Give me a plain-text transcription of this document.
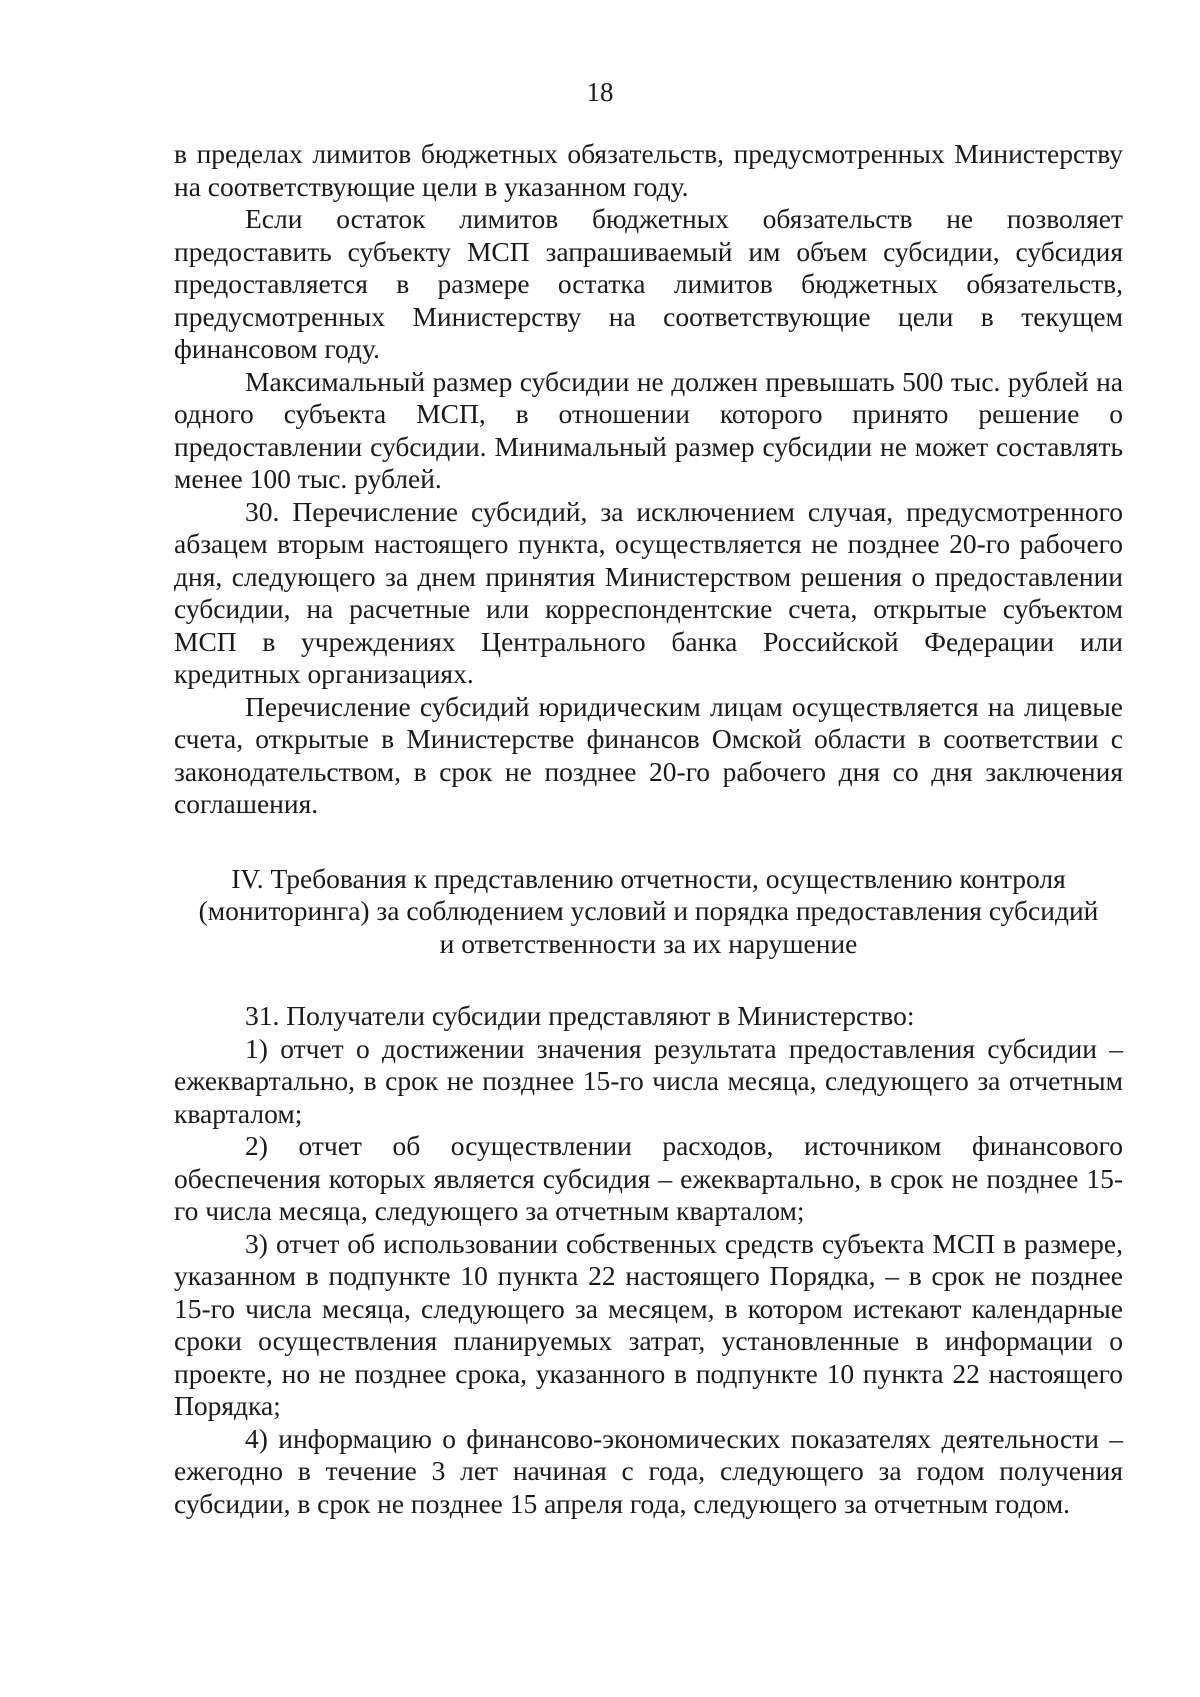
18

в пределах лимитов бюджетных обязательств, предусмотренных Министерству на соответствующие цели в указанном году.

Если остаток лимитов бюджетных обязательств не позволяет предоставить субъекту МСП запрашиваемый им объем субсидии, субсидия предоставляется в размере остатка лимитов бюджетных обязательств, предусмотренных Министерству на соответствующие цели в текущем финансовом году.

Максимальный размер субсидии не должен превышать 500 тыс. рублей на одного субъекта МСП, в отношении которого принято решение о предоставлении субсидии. Минимальный размер субсидии не может составлять менее 100 тыс. рублей.

30. Перечисление субсидий, за исключением случая, предусмотренного абзацем вторым настоящего пункта, осуществляется не позднее 20-го рабочего дня, следующего за днем принятия Министерством решения о предоставлении субсидии, на расчетные или корреспондентские счета, открытые субъектом МСП в учреждениях Центрального банка Российской Федерации или кредитных организациях.

Перечисление субсидий юридическим лицам осуществляется на лицевые счета, открытые в Министерстве финансов Омской области в соответствии с законодательством, в срок не позднее 20-го рабочего дня со дня заключения соглашения.

IV. Требования к представлению отчетности, осуществлению контроля
(мониторинга) за соблюдением условий и порядка предоставления субсидий
и ответственности за их нарушение

31. Получатели субсидии представляют в Министерство:

1) отчет о достижении значения результата предоставления субсидии – ежеквартально, в срок не позднее 15-го числа месяца, следующего за отчетным кварталом;

2) отчет об осуществлении расходов, источником финансового обеспечения которых является субсидия – ежеквартально, в срок не позднее 15-го числа месяца, следующего за отчетным кварталом;

3) отчет об использовании собственных средств субъекта МСП в размере, указанном в подпункте 10 пункта 22 настоящего Порядка, – в срок не позднее 15-го числа месяца, следующего за месяцем, в котором истекают календарные сроки осуществления планируемых затрат, установленные в информации о проекте, но не позднее срока, указанного в подпункте 10 пункта 22 настоящего Порядка;

4) информацию о финансово-экономических показателях деятельности – ежегодно в течение 3 лет начиная с года, следующего за годом получения субсидии, в срок не позднее 15 апреля года, следующего за отчетным годом.
